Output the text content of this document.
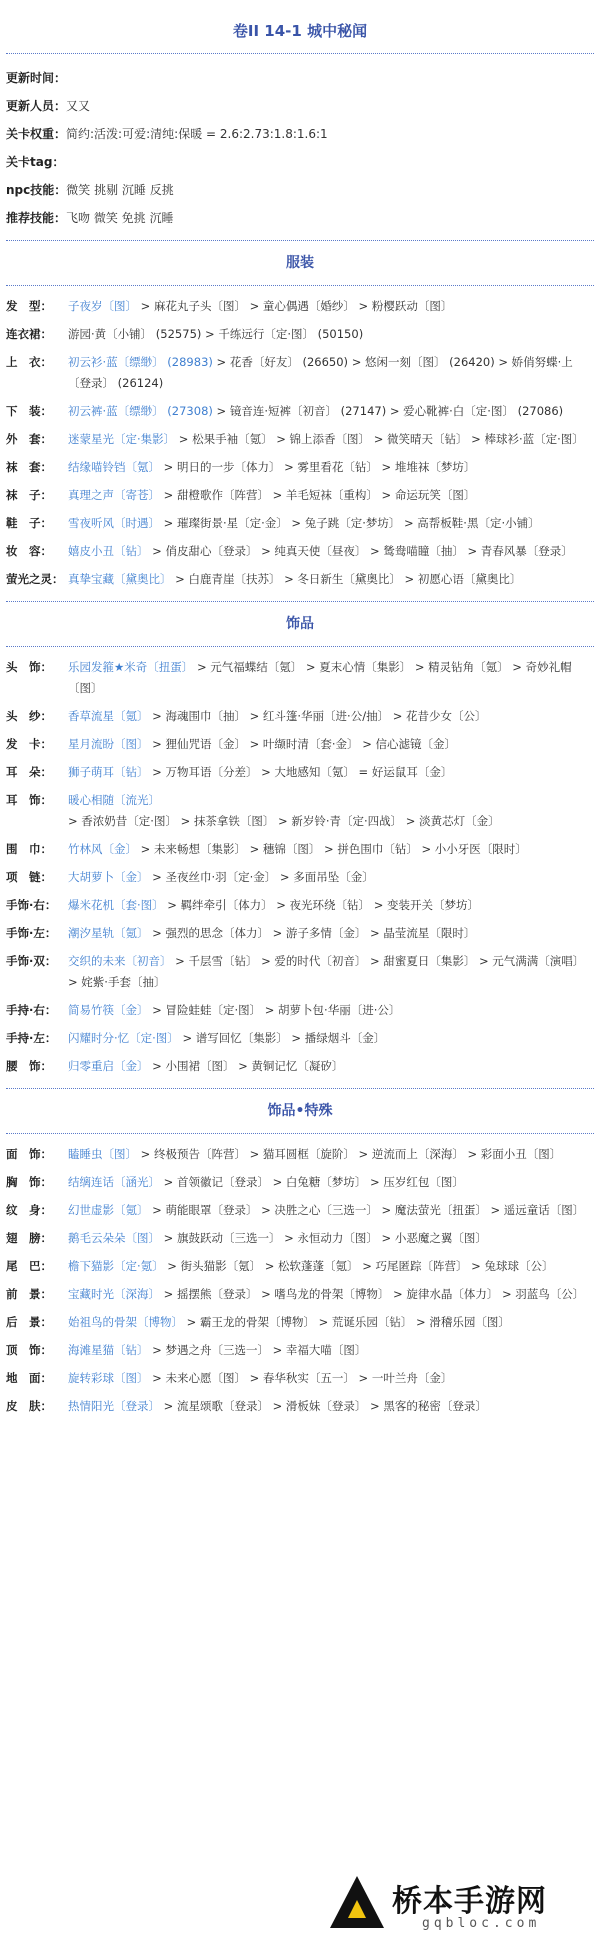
卷II 14-1 城中秘闻
更新时间：
更新人员：又又
关卡权重：简约:活泼:可爱:清纯:保暖 = 2.6:2.73:1.8:1.6:1
关卡tag：
npc技能：微笑 挑剔 沉睡 反挑
推荐技能：飞吻 微笑 免挑 沉睡
服装
发　型：	子夜岁〔图〕 > 麻花丸子头〔图〕 > 童心偶遇〔婚纱〕 > 粉樱跃动〔图〕
连衣裙：	游园·黄〔小铺〕 (52575) > 千练远行〔定·图〕 (50150)
上　衣：	初云衫·蓝〔缥缈〕 (28983) > 花香〔好友〕 (26650) > 悠闲一刻〔图〕 (26420) > 娇俏努蝶·上〔登录〕 (26124)
下　装：	初云裤·蓝〔缥缈〕 (27308) > 镜音连·短裤〔初音〕 (27147) > 爱心靴裤·白〔定·图〕 (27086)
外　套：	迷蒙星光〔定·集影〕 > 松果手袖〔氪〕 > 锦上添香〔图〕 > 微笑晴天〔钻〕 > 棒球衫·蓝〔定·图〕
袜　套：	结缘喵铃铛〔氪〕 > 明日的一步〔体力〕 > 雾里看花〔钻〕 > 堆堆袜〔梦坊〕
袜　子：	真理之声〔寄苍〕 > 甜橙歌作〔阵营〕 > 羊毛短袜〔重构〕 > 命运玩笑〔图〕
鞋　子：	雪夜听风〔时遇〕 > 璀璨街景·星〔定·金〕 > 兔子跳〔定·梦坊〕 > 高帮板鞋·黑〔定·小铺〕
妆　容：	嬉皮小丑〔钻〕 > 俏皮甜心〔登录〕 > 纯真天使〔昼夜〕 > 鸶鸯喵瞳〔抽〕 > 青春风暴〔登录〕
萤光之灵： 真挚宝藏〔黛奥比〕 > 白鹿青崖〔扶苏〕 > 冬日新生〔黛奥比〕 > 初愿心语〔黛奥比〕
饰品
头　饰：	乐园发箍★米奇〔扭蛋〕 > 元气福蝶结〔氪〕 > 夏末心情〔集影〕 > 精灵钻角〔氪〕 > 奇妙礼帽〔图〕
头　纱：	香草流星〔氪〕 > 海魂围巾〔抽〕 > 红斗篷·华丽〔进·公/抽〕 > 花昔少女〔公〕
发　卡：	星月流盼〔图〕 > 狸仙咒语〔金〕 > 叶缬时清〔套·金〕 > 信心滤镜〔金〕
耳　朵：	狮子萌耳〔钻〕 > 万物耳语〔分差〕 > 大地感知〔氪〕 = 好运鼠耳〔金〕
耳　饰：	暖心相随〔流光〕 > 香浓奶昔〔定·图〕 > 抹茶拿铁〔图〕 > 新岁铃·青〔定·四战〕 > 淡黄芯灯〔金〕
围　巾：	竹林风〔金〕 > 未来畅想〔集影〕 > 穗锦〔图〕 > 拼色围巾〔钻〕 > 小小牙医〔限时〕
项　链：	大胡萝卜〔金〕 > 圣夜丝巾·羽〔定·金〕 > 多面吊坠〔金〕
手饰·右：	爆米花机〔套·图〕 > 羁绊牵引〔体力〕 > 夜光环绕〔钻〕 > 变装开关〔梦坊〕
手饰·左：	潮汐星轨〔氪〕 > 强烈的思念〔体力〕 > 游子多情〔金〕 > 晶莹流星〔限时〕
手饰·双：	交织的未来〔初音〕 > 千层雪〔钻〕 > 爱的时代〔初音〕 > 甜蜜夏日〔集影〕 > 元气满满〔演唱〕 > 姹紫·手套〔抽〕
手持·右：	简易竹筷〔金〕 > 冒险蛙蛙〔定·图〕 > 胡萝卜包·华丽〔进·公〕
手持·左：	闪耀时分·忆〔定·图〕 > 谱写回忆〔集影〕 > 播绿烟斗〔金〕
腰　饰：	归零重启〔金〕 > 小围裙〔图〕 > 黄铜记忆〔凝矽〕
饰品•特殊
面　饰：	瞌睡虫〔图〕 > 终极预告〔阵营〕 > 猫耳圆框〔旋阶〕 > 逆流而上〔深海〕 > 彩面小丑〔图〕
胸　饰：	结缡连话〔涵光〕 > 首领徽记〔登录〕 > 白兔糖〔梦坊〕 > 压岁红包〔图〕
纹　身：	幻世虚影〔氪〕 > 萌能眼罩〔登录〕 > 决胜之心〔三选一〕 > 魔法萤光〔扭蛋〕 > 遥远童话〔图〕
翅　膀：	鹅毛云朵朵〔图〕 > 旗鼓跃动〔三选一〕 > 永恒动力〔图〕 > 小恶魔之翼〔图〕
尾　巴：	檐下猫影〔定·氪〕 > 街头猫影〔氪〕 > 松软蓬蓬〔氪〕 > 巧尾匿踪〔阵营〕 > 兔球球〔公〕
前　景：	宝藏时光〔深海〕 > 摇摆熊〔登录〕 > 嗜鸟龙的骨架〔博物〕 > 旋律水晶〔体力〕 > 羽蓝鸟〔公〕
后　景：	始祖鸟的骨架〔博物〕 > 霸王龙的骨架〔博物〕 > 荒诞乐园〔钻〕 > 滑稽乐园〔图〕
顶　饰：	海滩星猫〔钻〕 > 梦遇之舟〔三选一〕 > 幸福大喵〔图〕
地　面：	旋转彩球〔图〕 > 未来心愿〔图〕 > 春华秋实〔五一〕 > 一叶兰舟〔金〕
皮　肤：	热情阳光〔登录〕 > 流星颂歌〔登录〕 > 滑板妹〔登录〕 > 黑客的秘密〔登录〕
桥本手游网
gqbloc.com
